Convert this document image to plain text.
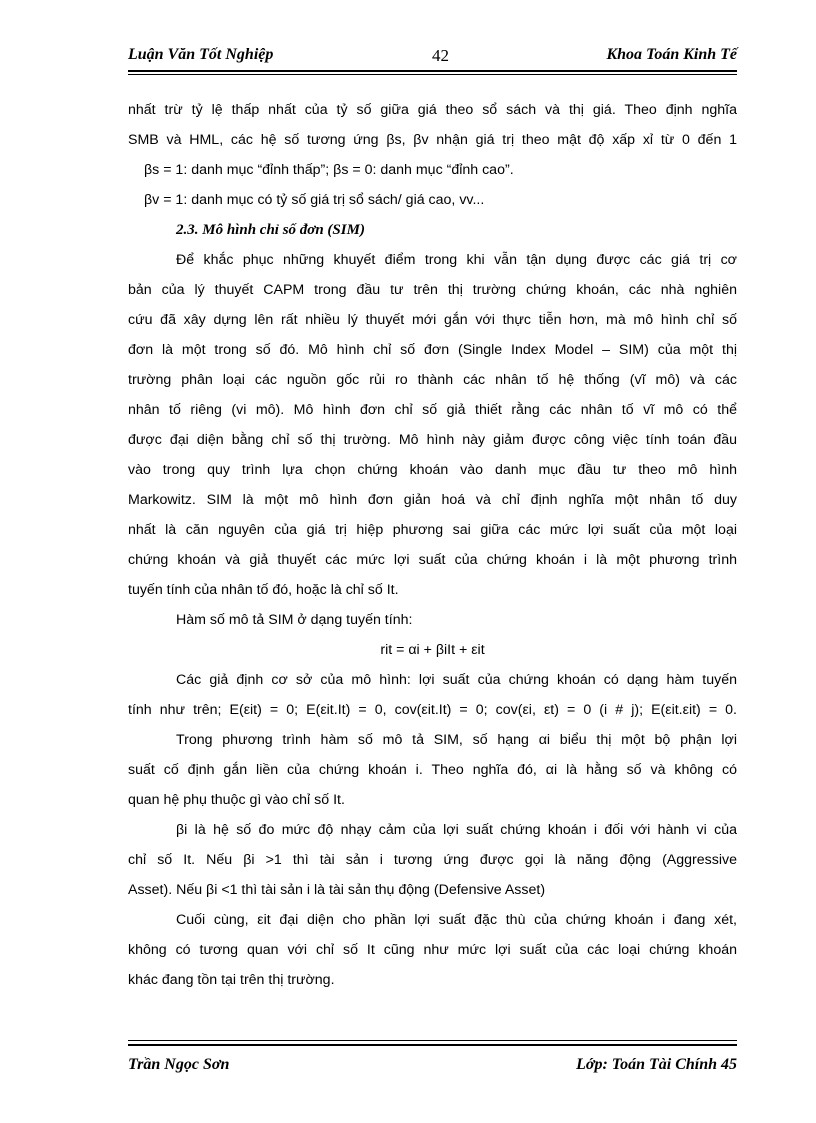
Luận Văn Tốt Nghiệp	42	Khoa Toán Kinh Tế
nhất trừ tỷ lệ thấp nhất của tỷ số giữa giá theo sổ sách và thị giá. Theo định nghĩa
SMB và HML, các hệ số tương ứng βs, βv nhận giá trị theo mật độ xấp xỉ từ 0 đến 1
βs = 1: danh mục “đỉnh thấp”; βs = 0: danh mục “đỉnh cao”.
βv = 1: danh mục có tỷ số giá trị sổ sách/ giá cao, vv...
2.3. Mô hình chỉ số đơn (SIM)
Để khắc phục những khuyết điểm trong khi vẫn tận dụng được các giá trị cơ
bản của lý thuyết CAPM trong đầu tư trên thị trường chứng khoán, các nhà nghiên
cứu đã xây dựng lên rất nhiều lý thuyết mới gắn với thực tiễn hơn, mà mô hình chỉ số
đơn là một trong số đó. Mô hình chỉ số đơn (Single Index Model – SIM) của một thị
trường phân loại các nguồn gốc rủi ro thành các nhân tố hệ thống (vĩ mô) và các
nhân tố riêng (vi mô). Mô hình đơn chỉ số giả thiết rằng các nhân tố vĩ mô có thể
được đại diện bằng chỉ số thị trường. Mô hình này giảm được công việc tính toán đầu
vào trong quy trình lựa chọn chứng khoán vào danh mục đầu tư theo mô hình
Markowitz. SIM là một mô hình đơn giản hoá và chỉ định nghĩa một nhân tố duy
nhất là căn nguyên của giá trị hiệp phương sai giữa các mức lợi suất của một loại
chứng khoán và giả thuyết các mức lợi suất của chứng khoán i là một phương trình
tuyến tính của nhân tố đó, hoặc là chỉ số It.
Hàm số mô tả SIM ở dạng tuyến tính:
rit = αi + βiIt + εit
Các giả định cơ sở của mô hình: lợi suất của chứng khoán có dạng hàm tuyến
tính như trên; E(εit) = 0; E(εit.It) = 0, cov(εit.It) = 0; cov(εi, εt) = 0 (i # j); E(εit.εit) = 0.
Trong phương trình hàm số mô tả SIM, số hạng αi biểu thị một bộ phận lợi
suất cố định gắn liền của chứng khoán i. Theo nghĩa đó, αi là hằng số và không có
quan hệ phụ thuộc gì vào chỉ số It.
βi là hệ số đo mức độ nhạy cảm của lợi suất chứng khoán i đối với hành vi của
chỉ số It. Nếu βi >1 thì tài sản i tương ứng được gọi là năng động (Aggressive
Asset). Nếu βi <1 thì tài sản i là tài sản thụ động (Defensive Asset)
Cuối cùng, εit đại diện cho phần lợi suất đặc thù của chứng khoán i đang xét,
không có tương quan với chỉ số It cũng như mức lợi suất của các loại chứng khoán
khác đang tồn tại trên thị trường.
Trần Ngọc Sơn	Lớp: Toán Tài Chính 45
